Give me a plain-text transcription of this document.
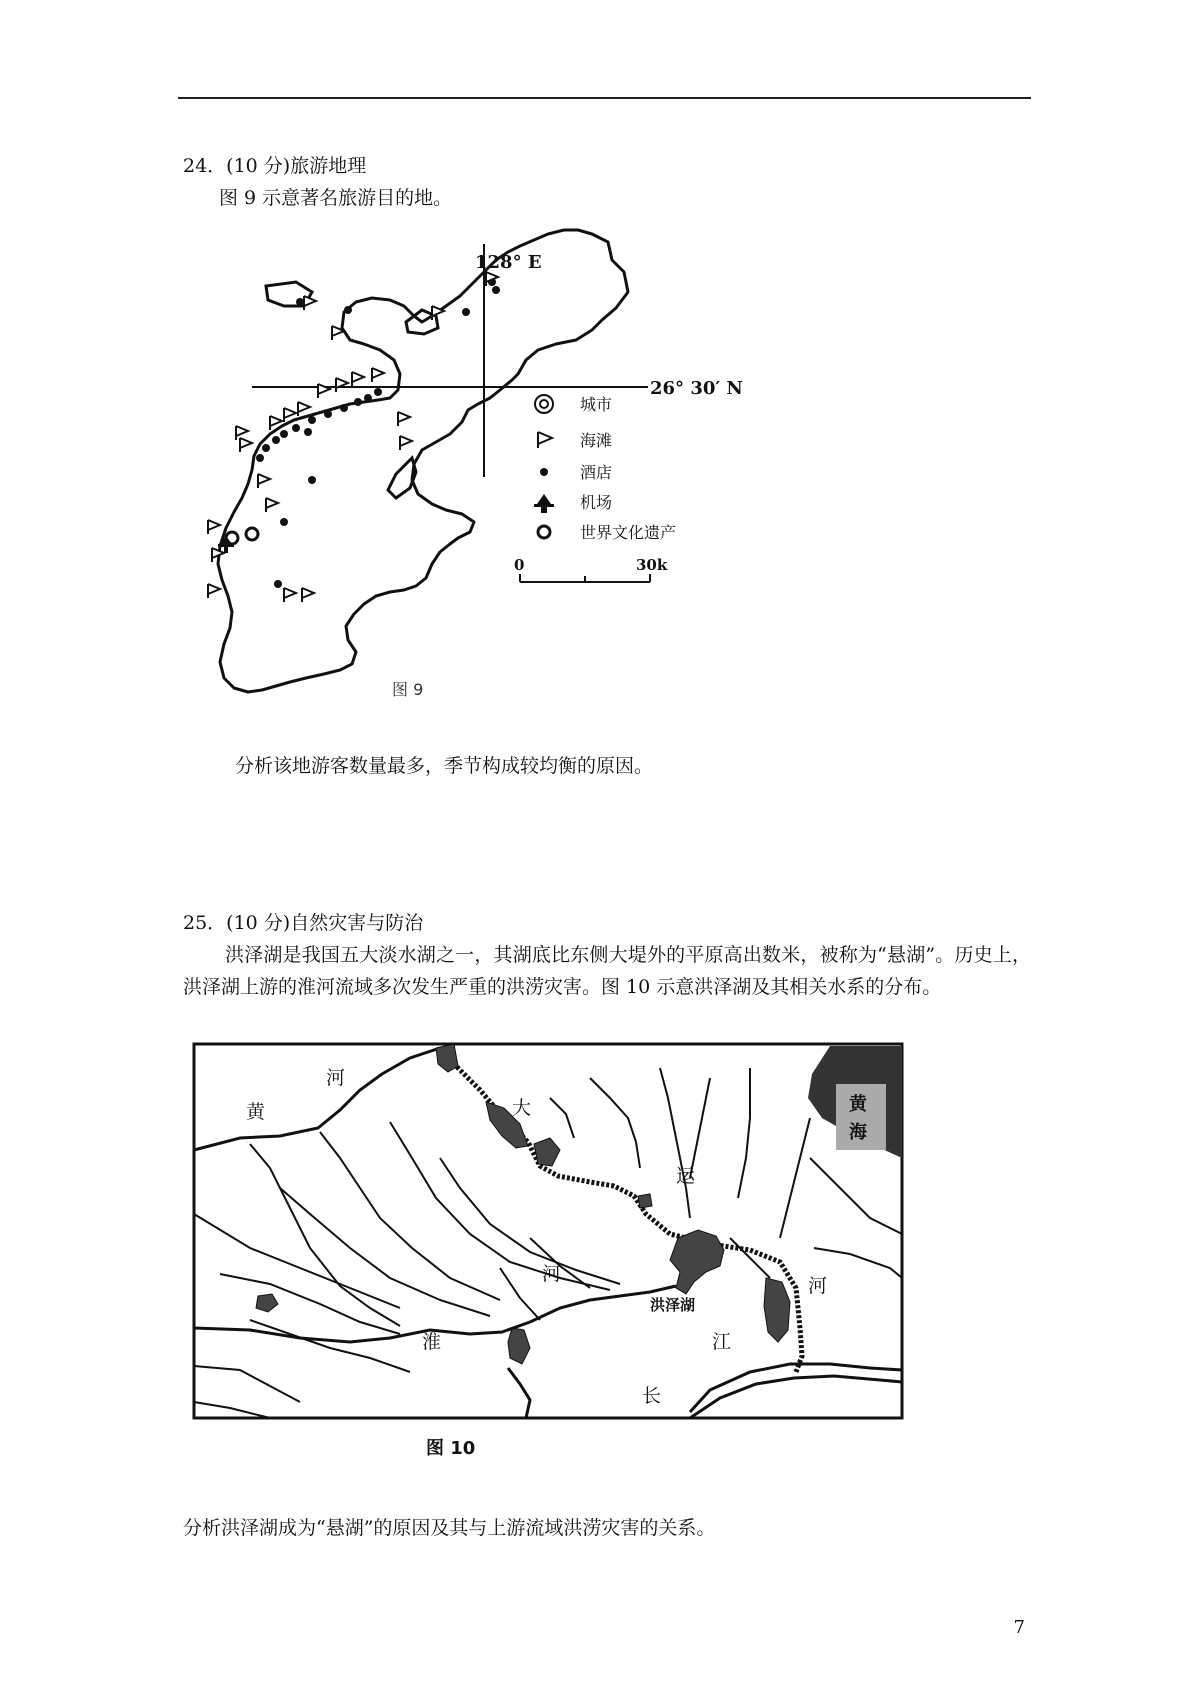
24．(10 分)旅游地理
图 9 示意著名旅游目的地。
128° E
26° 30′ N
城市
海滩
酒店
机场
世界文化遗产
0	30k
图 9
分析该地游客数量最多，季节构成较均衡的原因。
25．(10 分)自然灾害与防治
洪泽湖是我国五大淡水湖之一，其湖底比东侧大堤外的平原高出数米，被称为“悬湖”。历史上，洪泽湖上游的淮河流域多次发生严重的洪涝灾害。图 10 示意洪泽湖及其相关水系的分布。
黄
海
黄
河
大
运
河
河
洪泽湖
江
淮
长
图 10
分析洪泽湖成为“悬湖”的原因及其与上游流域洪涝灾害的关系。
7
